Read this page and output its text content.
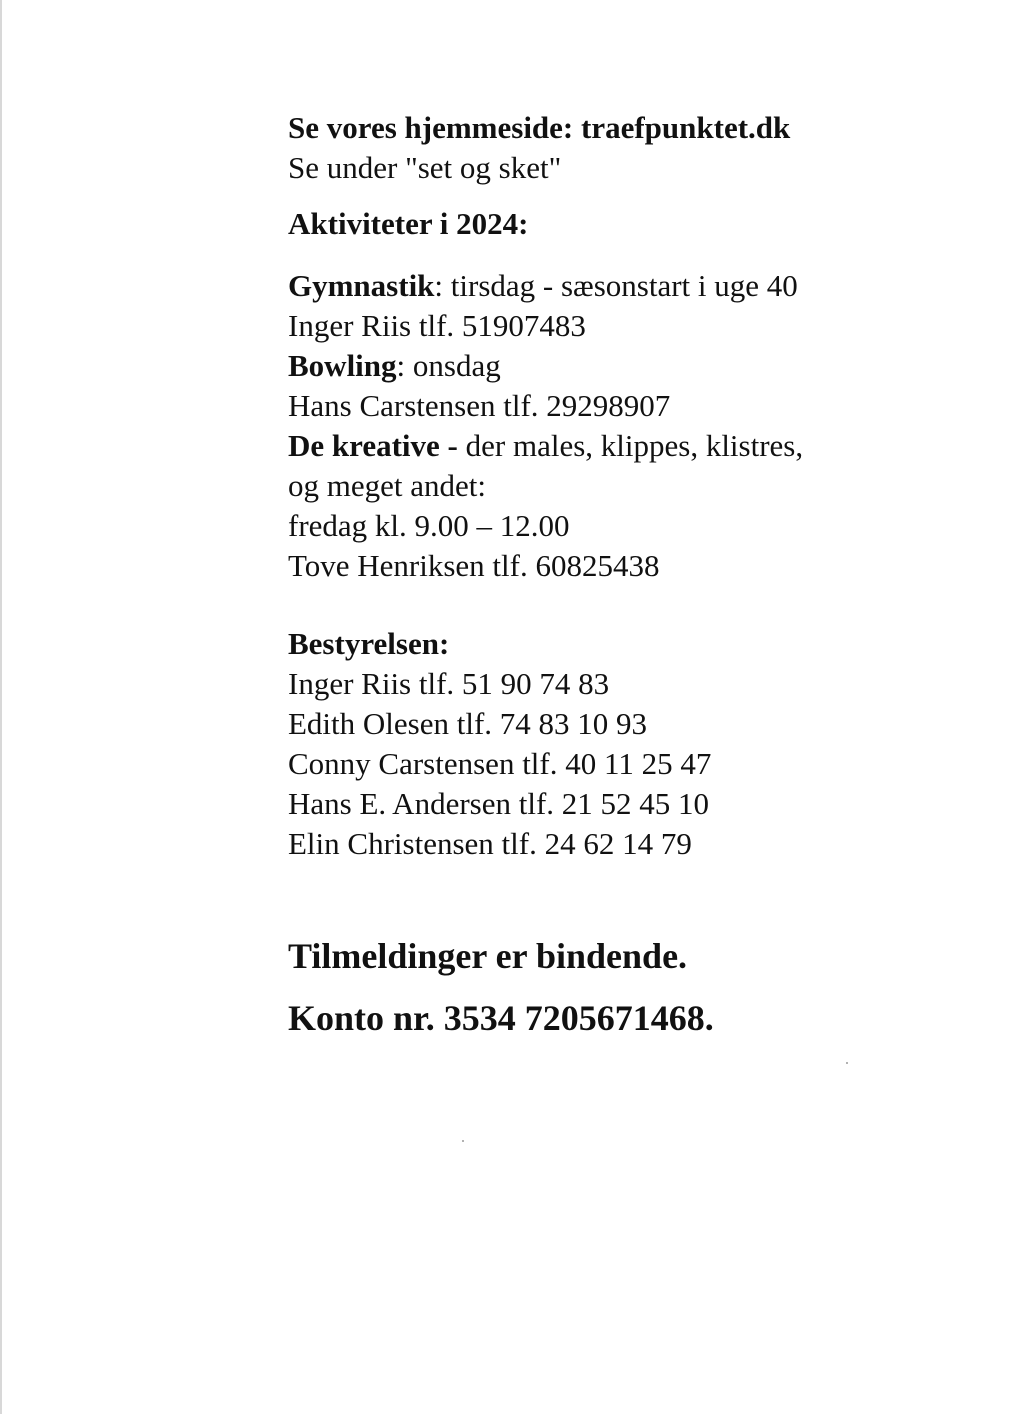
Se vores hjemmeside: traefpunktet.dk

Se under "set og sket"

Aktiviteter i 2024:

Gymnastik: tirsdag - sæsonstart i uge 40

Inger Riis tlf. 51907483

Bowling: onsdag

Hans Carstensen tlf. 29298907

De kreative - der males, klippes, klistres,

og meget andet:

fredag kl. 9.00 – 12.00

Tove Henriksen tlf. 60825438

Bestyrelsen:

Inger Riis tlf. 51 90 74 83

Edith Olesen tlf. 74 83 10 93

Conny Carstensen tlf. 40 11 25 47

Hans E. Andersen tlf. 21 52 45 10

Elin Christensen tlf. 24 62 14 79

Tilmeldinger er bindende.

Konto nr. 3534 7205671468.
